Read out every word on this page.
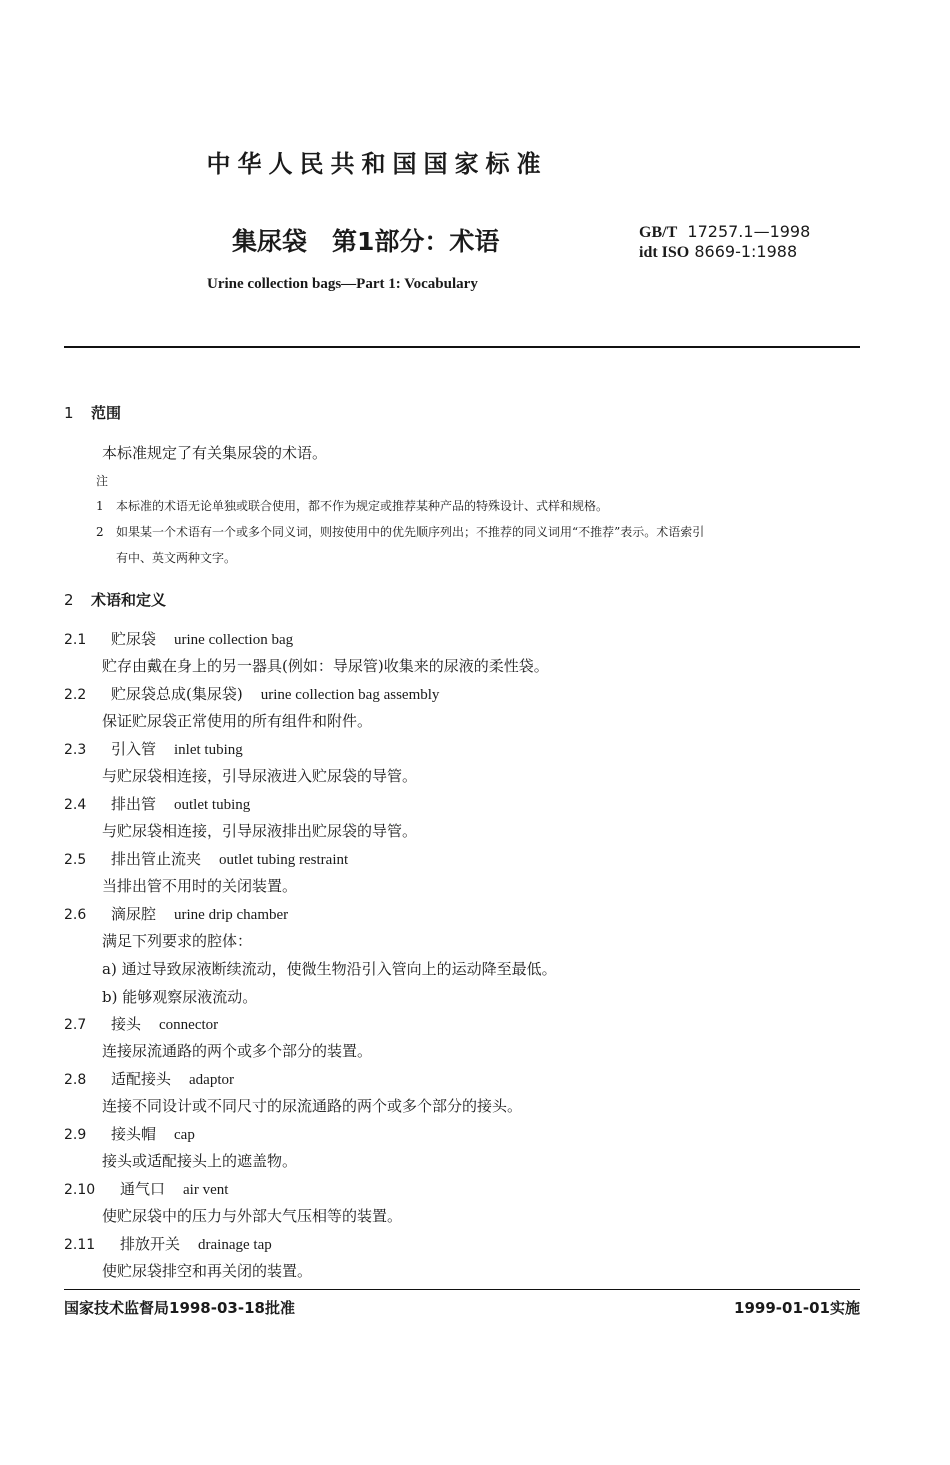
中华人民共和国国家标准
集尿袋　第1部分：术语	GB/T 17257.1—1998
idt ISO 8669-1:1988
Urine collection bags—Part 1: Vocabulary
1 范围
本标准规定了有关集尿袋的术语。
注
1 本标准的术语无论单独或联合使用，都不作为规定或推荐某种产品的特殊设计、式样和规格。
2 如果某一个术语有一个或多个同义词，则按使用中的优先顺序列出；不推荐的同义词用“不推荐”表示。术语索引
有中、英文两种文字。
2 术语和定义
2.1 贮尿袋 urine collection bag
贮存由戴在身上的另一器具(例如：导尿管)收集来的尿液的柔性袋。
2.2 贮尿袋总成(集尿袋) urine collection bag assembly
保证贮尿袋正常使用的所有组件和附件。
2.3 引入管 inlet tubing
与贮尿袋相连接，引导尿液进入贮尿袋的导管。
2.4 排出管 outlet tubing
与贮尿袋相连接，引导尿液排出贮尿袋的导管。
2.5 排出管止流夹 outlet tubing restraint
当排出管不用时的关闭装置。
2.6 滴尿腔 urine drip chamber
满足下列要求的腔体：
a) 通过导致尿液断续流动，使微生物沿引入管向上的运动降至最低。
b) 能够观察尿液流动。
2.7 接头 connector
连接尿流通路的两个或多个部分的装置。
2.8 适配接头 adaptor
连接不同设计或不同尺寸的尿流通路的两个或多个部分的接头。
2.9 接头帽 cap
接头或适配接头上的遮盖物。
2.10 通气口 air vent
使贮尿袋中的压力与外部大气压相等的装置。
2.11 排放开关 drainage tap
使贮尿袋排空和再关闭的装置。
国家技术监督局1998-03-18批准	1999-01-01实施
